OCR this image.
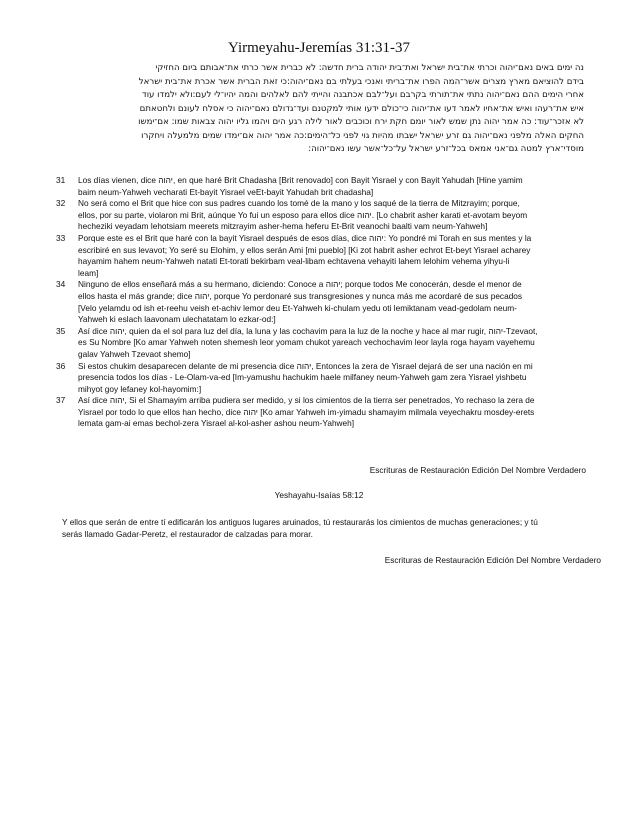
Yirmeyahu-Jeremías 31:31-37
נה ימים באים נאם־יהוה וכרתי את־בית ישראל ואת־בית יהודה ברית חדשה: לא כברית אשר כרתי את־אבותם ביום החזיקי
בידם להוציאם מארץ מצרים אשר־המה הפרו את־בריתי ואנכי בעלתי בם נאם־יהוה:כי זאת הברית אשר אכרת את־בית ישראל
אחרי הימים ההם נאם־יהוה נתתי את־תורתי בקרבם ועל־לבם אכתבנה והייתי להם לאלהים והמה יהיו־לי לעם:ולא ילמדו עוד
איש את־רעהו ואיש את־אחיו לאמר דעו את־יהוה כי־כולם ידעו אותי למקטנם ועד־גדולם נאם־יהוה כי אסלח לעונם ולחטאתם
לא אזכר־עוד: כה אמר יהוה נתן שמש לאור יומם חקת ירח וכוכבים לאור לילה רגע הים ויהמו גליו יהוה צבאות שמו: אם־ימשו
החקים האלה מלפני נאם־יהוה גם זרע ישראל ישבתו מהיות גוי לפני כל־הימים:כה אמר יהוה אם־ימדו שמים מלמעלה ויחקרו
מוסדי־ארץ למטה גם־אני אמאס בכל־זרע ישראל על־כל־אשר עשו נאם־יהוה:
31	Los días vienen, dice יהוה, en que haré Brit Chadasha [Brit renovado] con Bayit Yisrael y con Bayit Yahudah [Hine yamim
baim neum-Yahweh vecharati Et-bayit Yisrael veEt-bayit Yahudah brit chadasha]
32	No será como el Brit que hice con sus padres cuando los tomé de la mano y los saqué de la tierra de Mitzrayim; porque,
ellos, por su parte, violaron mi Brit, aúnque Yo fui un esposo para ellos dice יהוה. [Lo chabrit asher karati et-avotam beyom
hecheziki veyadam lehotsiam meerets mitzrayim asher-hema heferu Et-Brit veanochi baalti vam neum-Yahweh]
33	Porque este es el Brit que haré con la bayit Yisrael después de esos días, dice יהוה: Yo pondré mi Torah en sus mentes y la
escribiré en sus levavot; Yo seré su Elohim, y ellos serán Ami [mi pueblo] [Ki zot habrit asher echrot Et-beyt Yisrael acharey
hayamim hahem neum-Yahweh natati Et-torati bekirbam veal-libam echtavena vehayiti lahem lelohim vehema yihyu-li
leam]
34	Ninguno de ellos enseñará más a su hermano, diciendo: Conoce a יהוה; porque todos Me conocerán, desde el menor de
ellos hasta el más grande; dice יהוה, porque Yo perdonaré sus transgresiones y nunca más me acordaré de sus pecados
[Velo yelamdu od ish et-reehu veish et-achiv lemor deu Et-Yahweh ki-chulam yedu oti lemiktanam vead-gedolam neum-
Yahweh ki eslach laavonam ulechatatam lo ezkar-od:]
35	Así dice יהוה, quien da el sol para luz del día, la luna y las cochavim para la luz de la noche y hace al mar rugir, יהוה-Tzevaot,
es Su Nombre [Ko amar Yahweh noten shemesh leor yomam chukot yareach vechochavim leor layla roga hayam vayehemu
galav Yahweh Tzevaot shemo]
36	Si estos chukim desaparecen delante de mi presencia dice יהוה, Entonces la zera de Yisrael dejará de ser una nación en mi
presencia todos los días - Le-Olam-va-ed [Im-yamushu hachukim haele milfaney neum-Yahweh gam zera Yisrael yishbetu
mihyot goy lefaney kol-hayomim:]
37	Así dice יהוה, Si el Shamayim arriba pudiera ser medido, y si los cimientos de la tierra ser penetrados, Yo rechaso la zera de
Yisrael por todo lo que ellos han hecho, dice יהוה [Ko amar Yahweh im-yimadu shamayim milmala veyechakru mosdey-erets
lemata gam-ai emas bechol-zera Yisrael al-kol-asher ashou neum-Yahweh]
Escrituras de Restauración Edición Del Nombre Verdadero
Yeshayahu-Isaías 58:12
Y ellos que serán de entre tí edificarán los antiguos lugares aruinados, tú restaurarás los cimientos de muchas generaciones; y tú
serás llamado Gadar-Peretz, el restaurador de calzadas para morar.
Escrituras de Restauración Edición Del Nombre Verdadero
